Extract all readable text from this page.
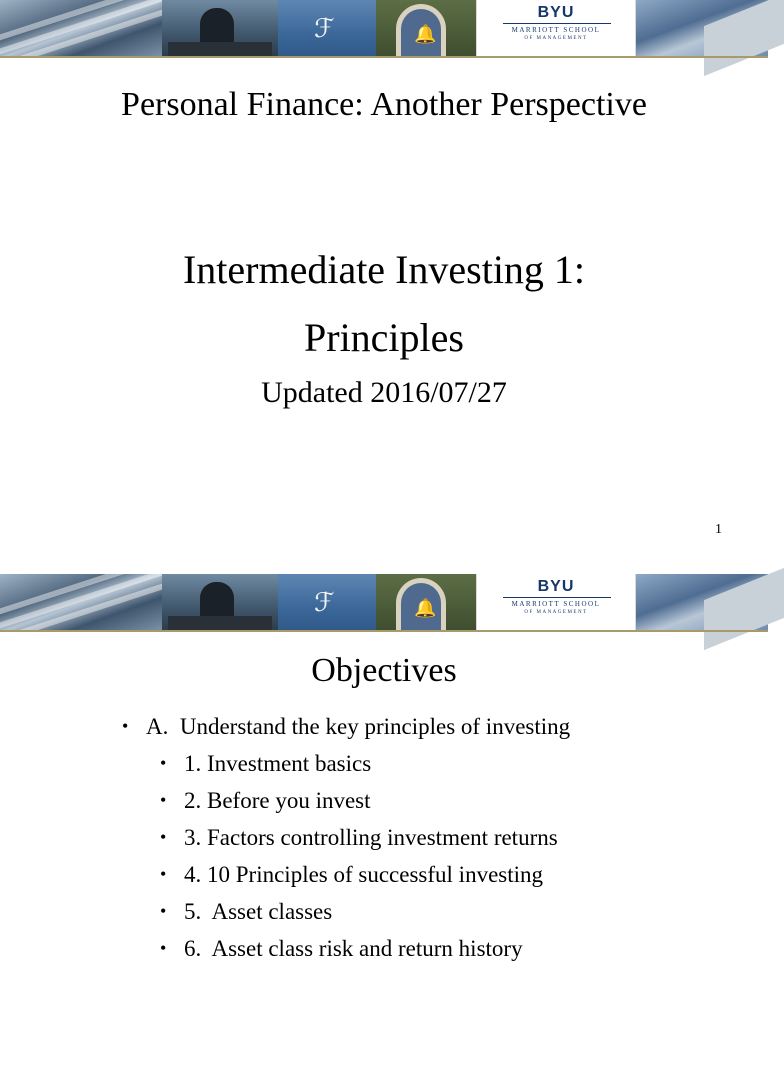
ℱ	🔔
BYU
MARRIOTT SCHOOL
OF MANAGEMENT
Personal Finance: Another Perspective
Intermediate Investing 1:
Principles
Updated 2016/07/27
1
ℱ	🔔
BYU
MARRIOTT SCHOOL
OF MANAGEMENT
Objectives
• A.  Understand the key principles of investing
• 1. Investment basics
• 2. Before you invest
• 3. Factors controlling investment returns
• 4. 10 Principles of successful investing
• 5.  Asset classes
• 6.  Asset class risk and return history
